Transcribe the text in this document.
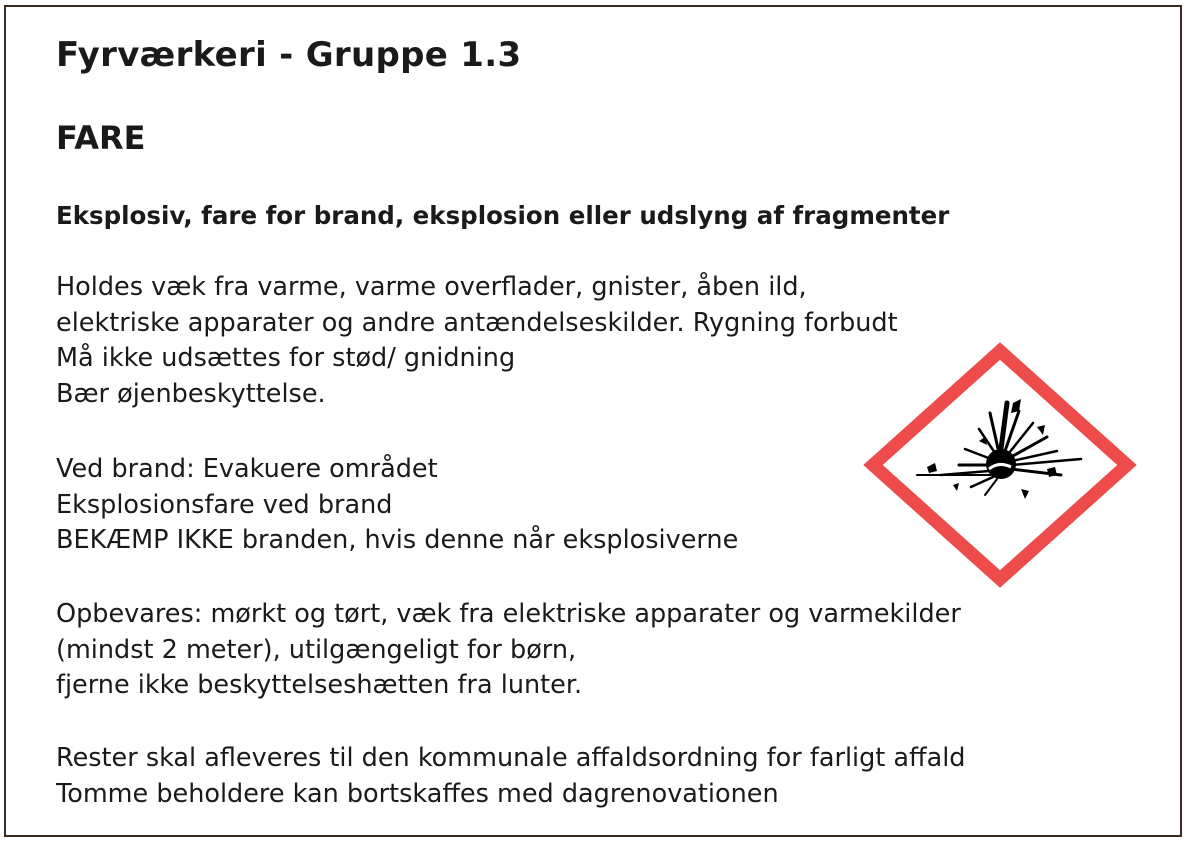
Fyrværkeri - Gruppe 1.3
FARE
Eksplosiv, fare for brand, eksplosion eller udslyng af fragmenter
Holdes væk fra varme, varme overflader, gnister, åben ild,
elektriske apparater og andre antændelseskilder. Rygning forbudt
Må ikke udsættes for stød/ gnidning
Bær øjenbeskyttelse.
Ved brand: Evakuere området
Eksplosionsfare ved brand
BEKÆMP IKKE branden, hvis denne når eksplosiverne
Opbevares: mørkt og tørt, væk fra elektriske apparater og varmekilder
(mindst 2 meter), utilgængeligt for børn,
fjerne ikke beskyttelseshætten fra lunter.
Rester skal afleveres til den kommunale affaldsordning for farligt affald
Tomme beholdere kan bortskaffes med dagrenovationen
